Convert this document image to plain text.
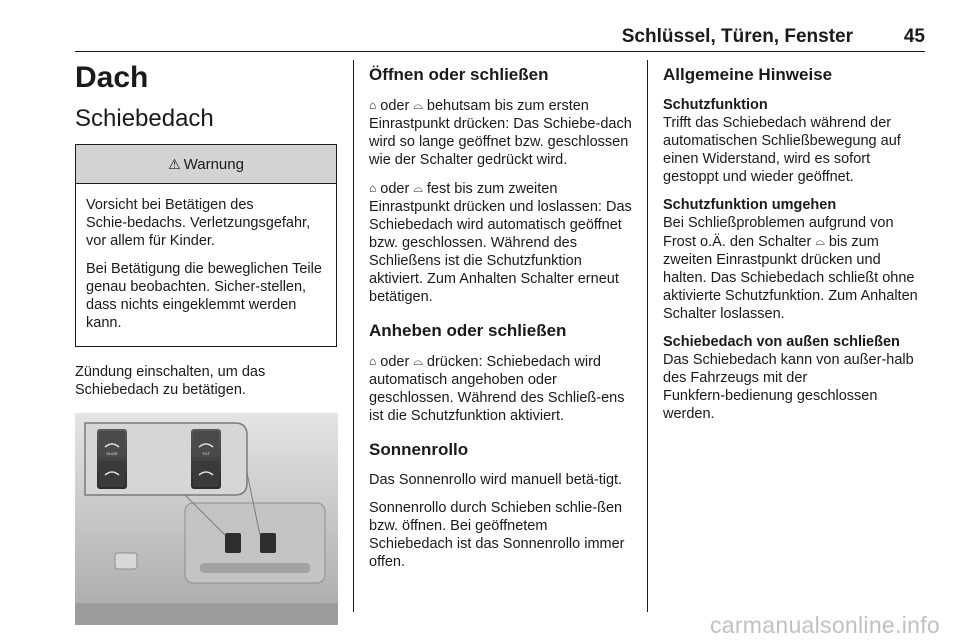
Schlüssel, Türen, Fenster	45
Dach
Schiebedach
⚠ Warnung

Vorsicht bei Betätigen des Schie‑bedachs. Verletzungsgefahr, vor allem für Kinder.

Bei Betätigung die beweglichen Teile genau beobachten. Sicher‑stellen, dass nichts eingeklemmt werden kann.

Zündung einschalten, um das Schiebedach zu betätigen.

SLIDE	TILT
Öffnen oder schließen

⌂ oder ⌓ behutsam bis zum ersten Einrastpunkt drücken: Das Schiebe‑dach wird so lange geöffnet bzw. geschlossen wie der Schalter gedrückt wird.

⌂ oder ⌓ fest bis zum zweiten Einrastpunkt drücken und loslassen: Das Schiebedach wird automatisch geöffnet bzw. geschlossen. Während des Schließens ist die Schutzfunktion aktiviert. Zum Anhalten Schalter erneut betätigen.

Anheben oder schließen

⌂ oder ⌓ drücken: Schiebedach wird automatisch angehoben oder geschlossen. Während des Schließ‑ens ist die Schutzfunktion aktiviert.

Sonnenrollo

Das Sonnenrollo wird manuell betä‑tigt.

Sonnenrollo durch Schieben schlie‑ßen bzw. öffnen. Bei geöffnetem Schiebedach ist das Sonnenrollo immer offen.

Allgemeine Hinweise
Schutzfunktion

Trifft das Schiebedach während der automatischen Schließbewegung auf einen Widerstand, wird es sofort gestoppt und wieder geöffnet.

Schutzfunktion umgehen

Bei Schließproblemen aufgrund von Frost o.Ä. den Schalter ⌓ bis zum zweiten Einrastpunkt drücken und halten. Das Schiebedach schließt ohne aktivierte Schutzfunktion. Zum Anhalten Schalter loslassen.

Schiebedach von außen schließen

Das Schiebedach kann von außer‑halb des Fahrzeugs mit der Funkfern‑bedienung geschlossen werden.

carmanualsonline.info
